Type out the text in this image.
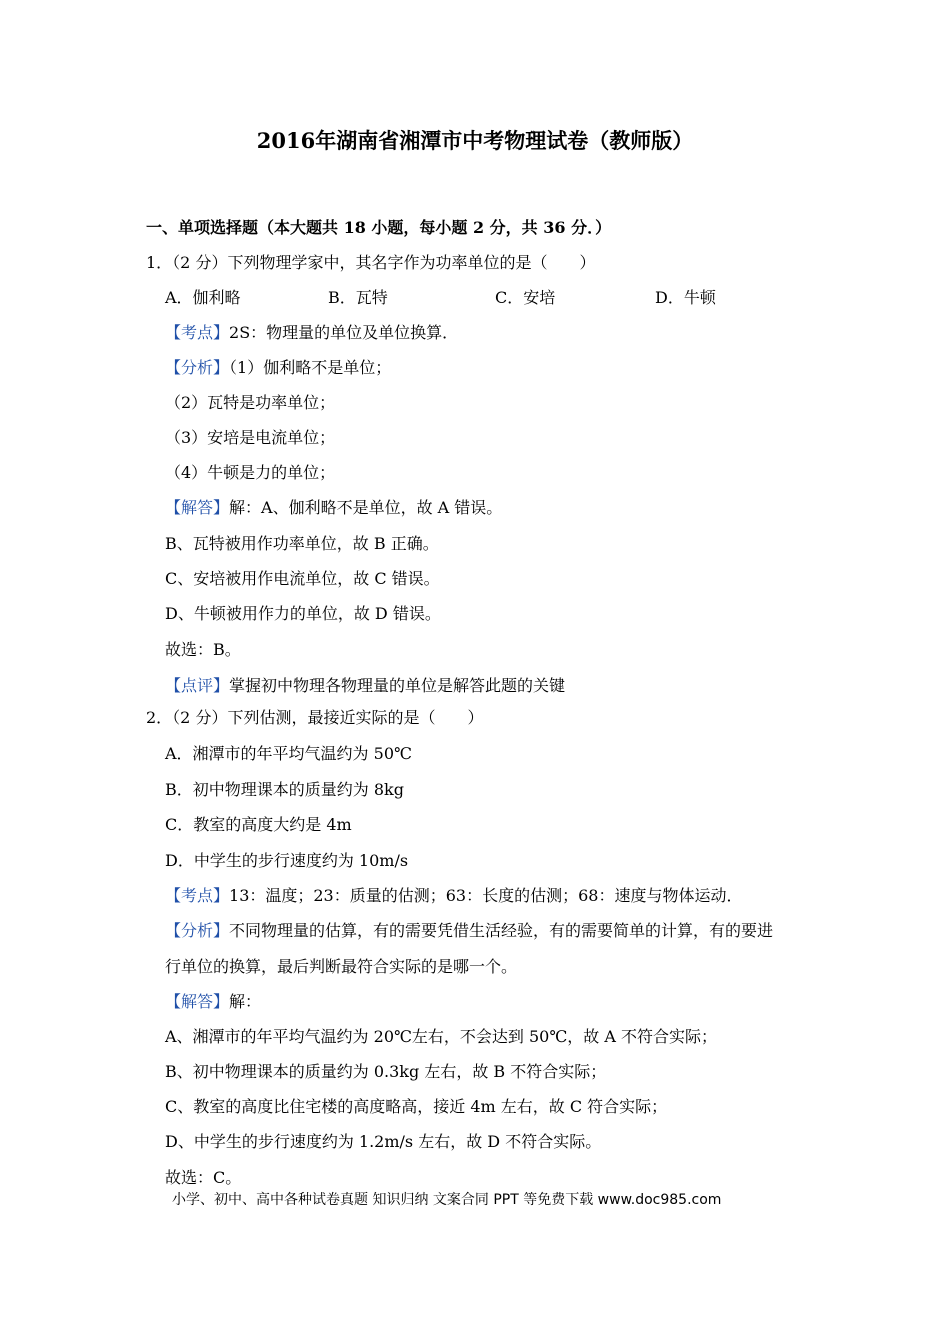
2016年湖南省湘潭市中考物理试卷（教师版）
一、单项选择题（本大题共 18 小题，每小题 2 分，共 36 分．）
1．（2 分）下列物理学家中，其名字作为功率单位的是（　　）
A．伽利略	B．瓦特	C．安培	D．牛顿
【考点】2S：物理量的单位及单位换算．
【分析】（1）伽利略不是单位；
（2）瓦特是功率单位；
（3）安培是电流单位；
（4）牛顿是力的单位；
【解答】解：A、伽利略不是单位，故 A 错误。
B、瓦特被用作功率单位，故 B 正确。
C、安培被用作电流单位，故 C 错误。
D、牛顿被用作力的单位，故 D 错误。
故选：B。
【点评】掌握初中物理各物理量的单位是解答此题的关键
2．（2 分）下列估测，最接近实际的是（　　）
A．湘潭市的年平均气温约为 50℃
B．初中物理课本的质量约为 8kg
C．教室的高度大约是 4m
D．中学生的步行速度约为 10m/s
【考点】13：温度；23：质量的估测；63：长度的估测；68：速度与物体运动．
【分析】不同物理量的估算，有的需要凭借生活经验，有的需要简单的计算，有的要进
行单位的换算，最后判断最符合实际的是哪一个。
【解答】解：
A、湘潭市的年平均气温约为 20℃左右，不会达到 50℃，故 A 不符合实际；
B、初中物理课本的质量约为 0.3kg 左右，故 B 不符合实际；
C、教室的高度比住宅楼的高度略高，接近 4m 左右，故 C 符合实际；
D、中学生的步行速度约为 1.2m/s 左右，故 D 不符合实际。
故选：C。
小学、初中、高中各种试卷真题 知识归纳 文案合同 PPT 等免费下载 www.doc985.com
